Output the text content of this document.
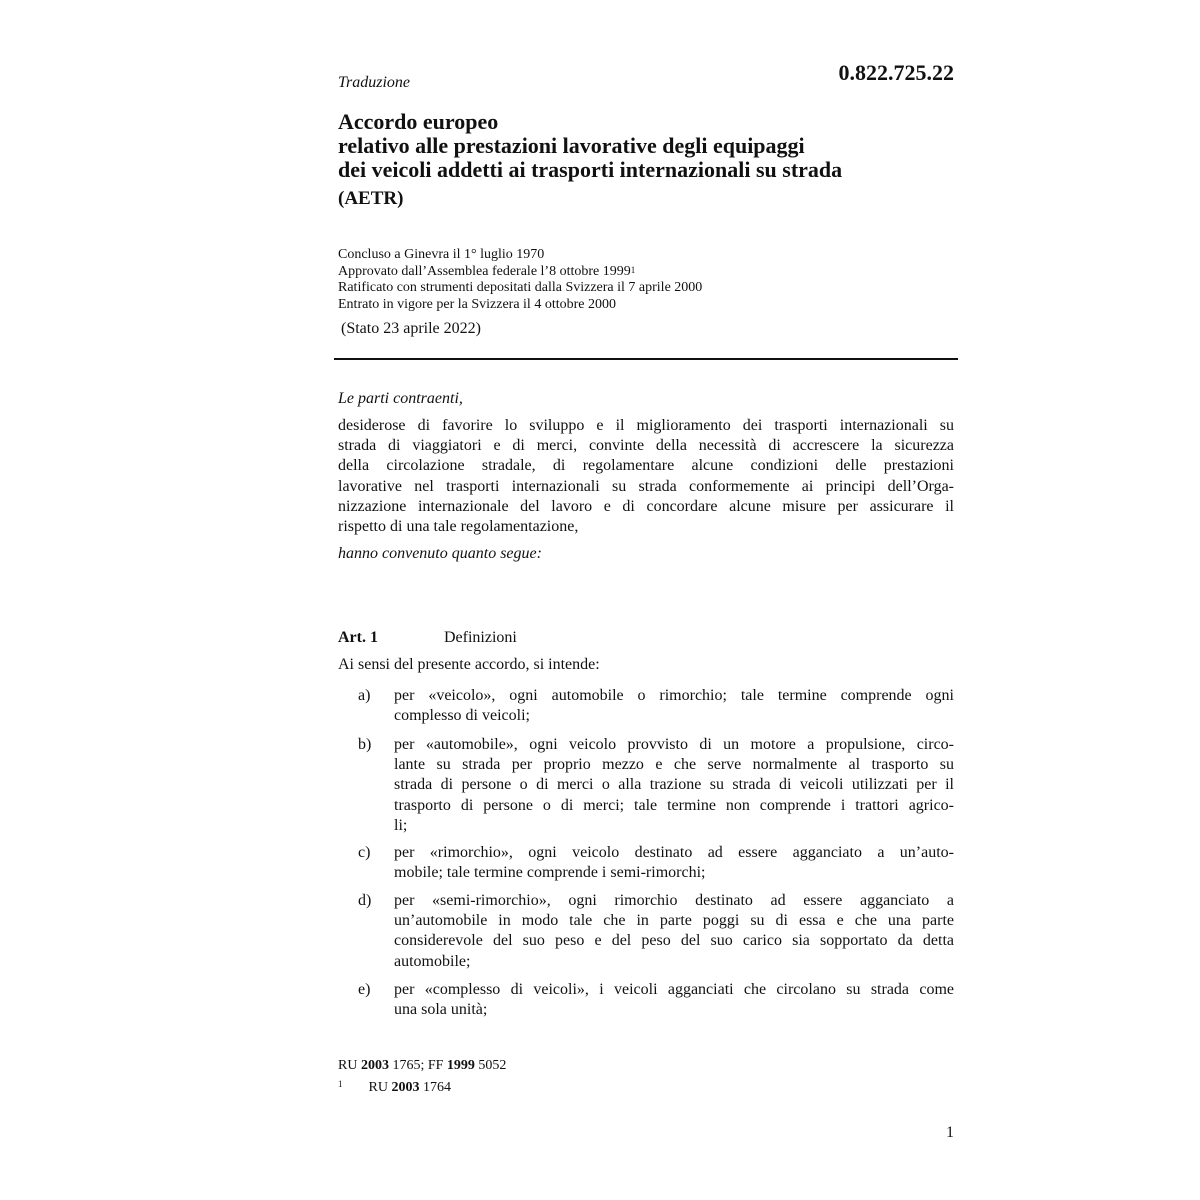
0.822.725.22
Traduzione
Accordo europeo
relativo alle prestazioni lavorative degli equipaggi
dei veicoli addetti ai trasporti internazionali su strada
(AETR)
Concluso a Ginevra il 1° luglio 1970
Approvato dall’Assemblea federale l’8 ottobre 1999$^1$
Ratificato con strumenti depositati dalla Svizzera il 7 aprile 2000
Entrato in vigore per la Svizzera il 4 ottobre 2000
(Stato 23 aprile 2022)
Le parti contraenti,
desiderose di favorire lo sviluppo e il miglioramento dei trasporti internazionali su
strada di viaggiatori e di merci, convinte della necessità di accrescere la sicurezza
della circolazione stradale, di regolamentare alcune condizioni delle prestazioni
lavorative nel trasporti internazionali su strada conformemente ai principi dell’Orga-
nizzazione internazionale del lavoro e di concordare alcune misure per assicurare il
rispetto di una tale regolamentazione,
hanno convenuto quanto segue:
Art. 1	Definizioni
Ai sensi del presente accordo, si intende:
a) per «veicolo», ogni automobile o rimorchio; tale termine comprende ogni
complesso di veicoli;
b) per «automobile», ogni veicolo provvisto di un motore a propulsione, circo-
lante su strada per proprio mezzo e che serve normalmente al trasporto su
strada di persone o di merci o alla trazione su strada di veicoli utilizzati per il
trasporto di persone o di merci; tale termine non comprende i trattori agrico-
li;
c) per «rimorchio», ogni veicolo destinato ad essere agganciato a un’auto-
mobile; tale termine comprende i semi-rimorchi;
d) per «semi-rimorchio», ogni rimorchio destinato ad essere agganciato a
un’automobile in modo tale che in parte poggi su di essa e che una parte
considerevole del suo peso e del peso del suo carico sia sopportato da detta
automobile;
e) per «complesso di veicoli», i veicoli agganciati che circolano su strada come
una sola unità;
RU 2003 1765; FF 1999 5052
$^1$ RU 2003 1764
1
